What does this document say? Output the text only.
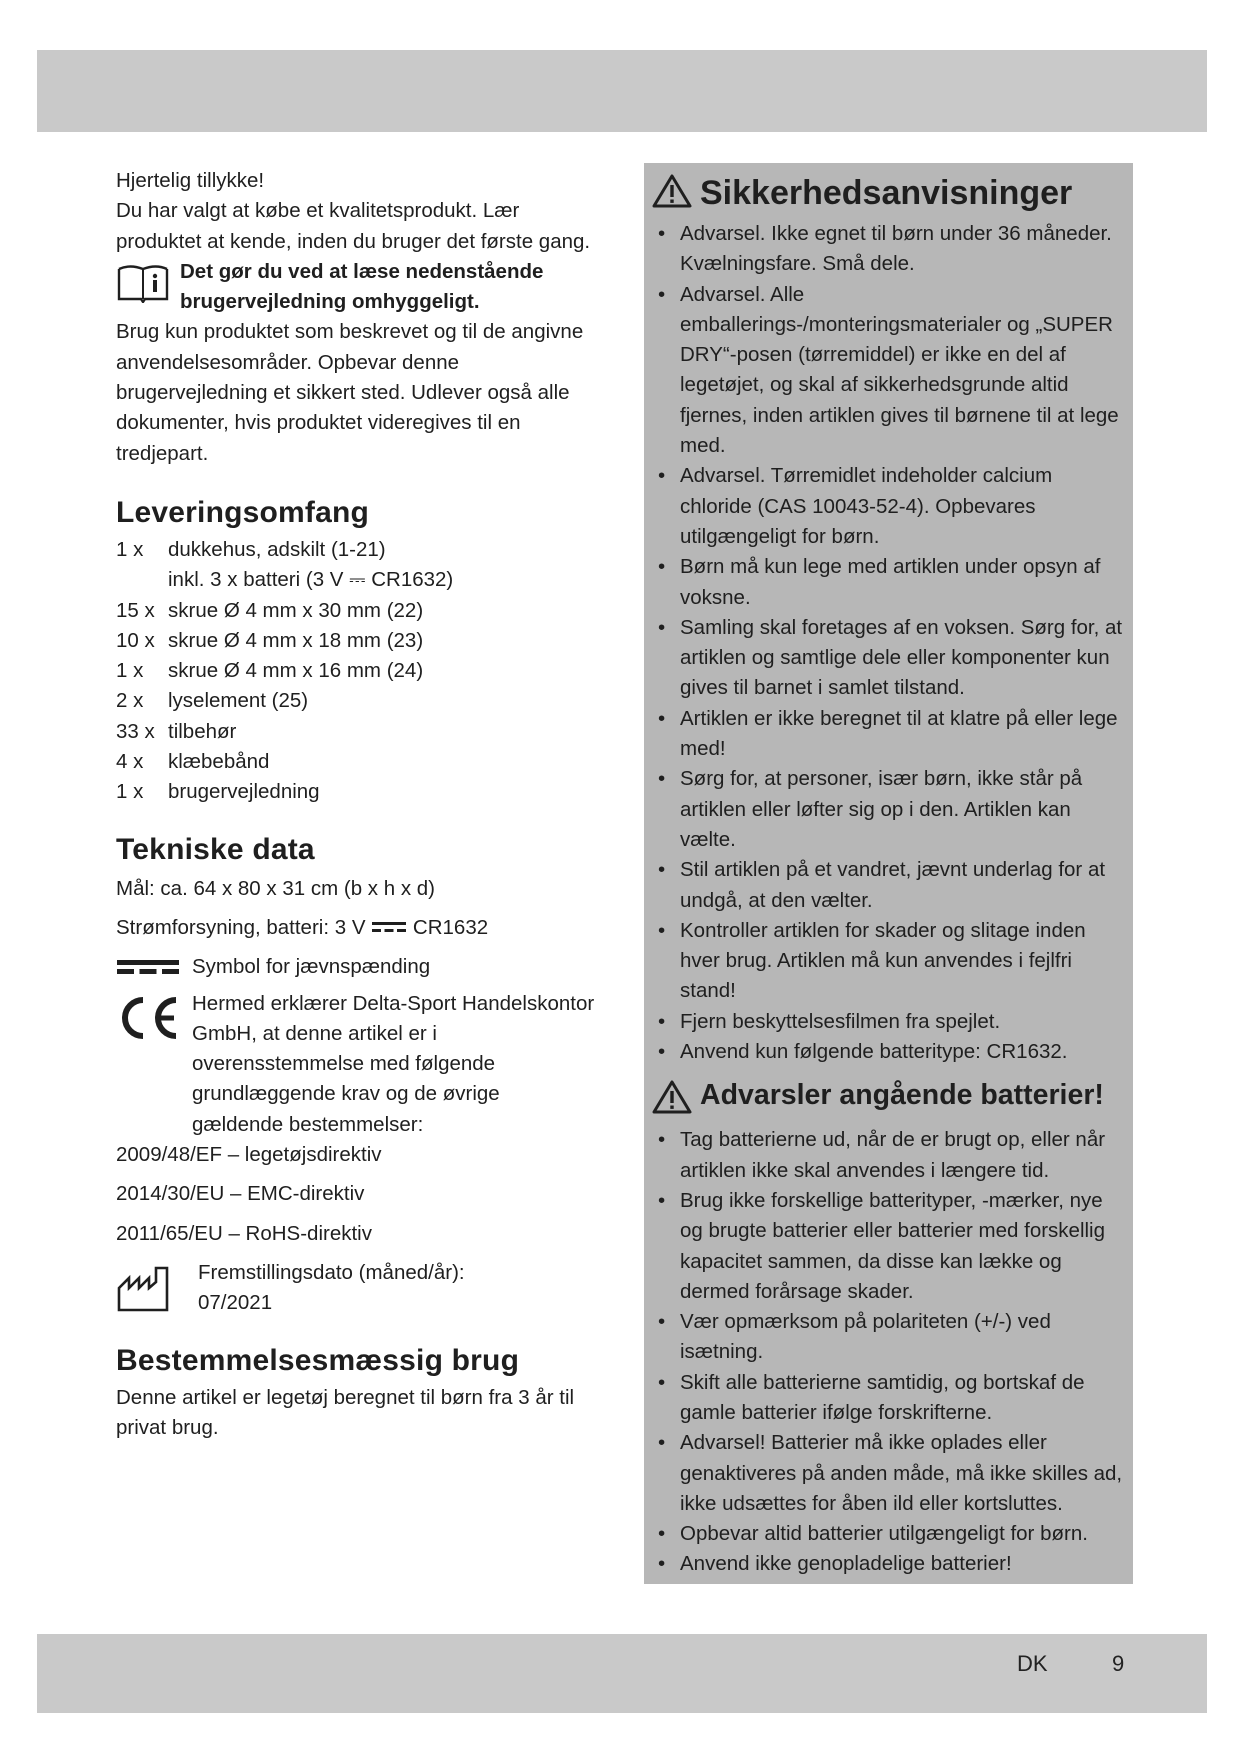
Hjertelig tillykke!
Du har valgt at købe et kvalitetsprodukt. Lær produktet at kende, inden du bruger det første gang.
Det gør du ved at læse nedenstående brugervejledning omhyggeligt.
Brug kun produktet som beskrevet og til de angivne anvendelsesområder. Opbevar denne brugervejledning et sikkert sted. Udlever også alle dokumenter, hvis produktet videregives til en tredjepart.
Leveringsomfang
1 x	dukkehus, adskilt (1-21)
inkl. 3 x batteri (3 V ⎓ CR1632)
15 x skrue Ø 4 mm x 30 mm (22)
10 x skrue Ø 4 mm x 18 mm (23)
1 x	skrue Ø 4 mm x 16 mm (24)
2 x	lyselement (25)
33 x tilbehør
4 x	klæbebånd
1 x	brugervejledning
Tekniske data
Mål: ca. 64 x 80 x 31 cm (b x h x d)
Strømforsyning, batteri: 3 V CR1632
Symbol for jævnspænding
Hermed erklærer Delta-Sport Handelskontor GmbH, at denne artikel er i overensstemmelse med følgende grundlæggende krav og de øvrige gældende bestemmelser:
2009/48/EF – legetøjsdirektiv
2014/30/EU – EMC-direktiv
2011/65/EU – RoHS-direktiv
Fremstillingsdato (måned/år):
07/2021
Bestemmelsesmæssig brug
Denne artikel er legetøj beregnet til børn fra 3 år til privat brug.
Sikkerhedsanvisninger
• Advarsel. Ikke egnet til børn under 36 måneder. Kvælningsfare. Små dele.
• Advarsel. Alle emballerings-/monteringsmaterialer og „SUPER DRY“-posen (tørremiddel) er ikke en del af legetøjet, og skal af sikkerhedsgrunde altid fjernes, inden artiklen gives til børnene til at lege med.
• Advarsel. Tørremidlet indeholder calcium chloride (CAS 10043-52-4). Opbevares utilgængeligt for børn.
• Børn må kun lege med artiklen under opsyn af voksne.
• Samling skal foretages af en voksen. Sørg for, at artiklen og samtlige dele eller komponenter kun gives til barnet i samlet tilstand.
• Artiklen er ikke beregnet til at klatre på eller lege med!
• Sørg for, at personer, især børn, ikke står på artiklen eller løfter sig op i den. Artiklen kan vælte.
• Stil artiklen på et vandret, jævnt underlag for at undgå, at den vælter.
• Kontroller artiklen for skader og slitage inden hver brug. Artiklen må kun anvendes i fejlfri stand!
• Fjern beskyttelsesfilmen fra spejlet.
• Anvend kun følgende batteritype: CR1632.
Advarsler angående batterier!
• Tag batterierne ud, når de er brugt op, eller når artiklen ikke skal anvendes i længere tid.
• Brug ikke forskellige batterityper, -mærker, nye og brugte batterier eller batterier med forskellig kapacitet sammen, da disse kan lække og dermed forårsage skader.
• Vær opmærksom på polariteten (+/-) ved isætning.
• Skift alle batterierne samtidig, og bortskaf de gamle batterier ifølge forskrifterne.
• Advarsel! Batterier må ikke oplades eller genaktiveres på anden måde, må ikke skilles ad, ikke udsættes for åben ild eller kortsluttes.
• Opbevar altid batterier utilgængeligt for børn.
• Anvend ikke genopladelige batterier!
DK	9
